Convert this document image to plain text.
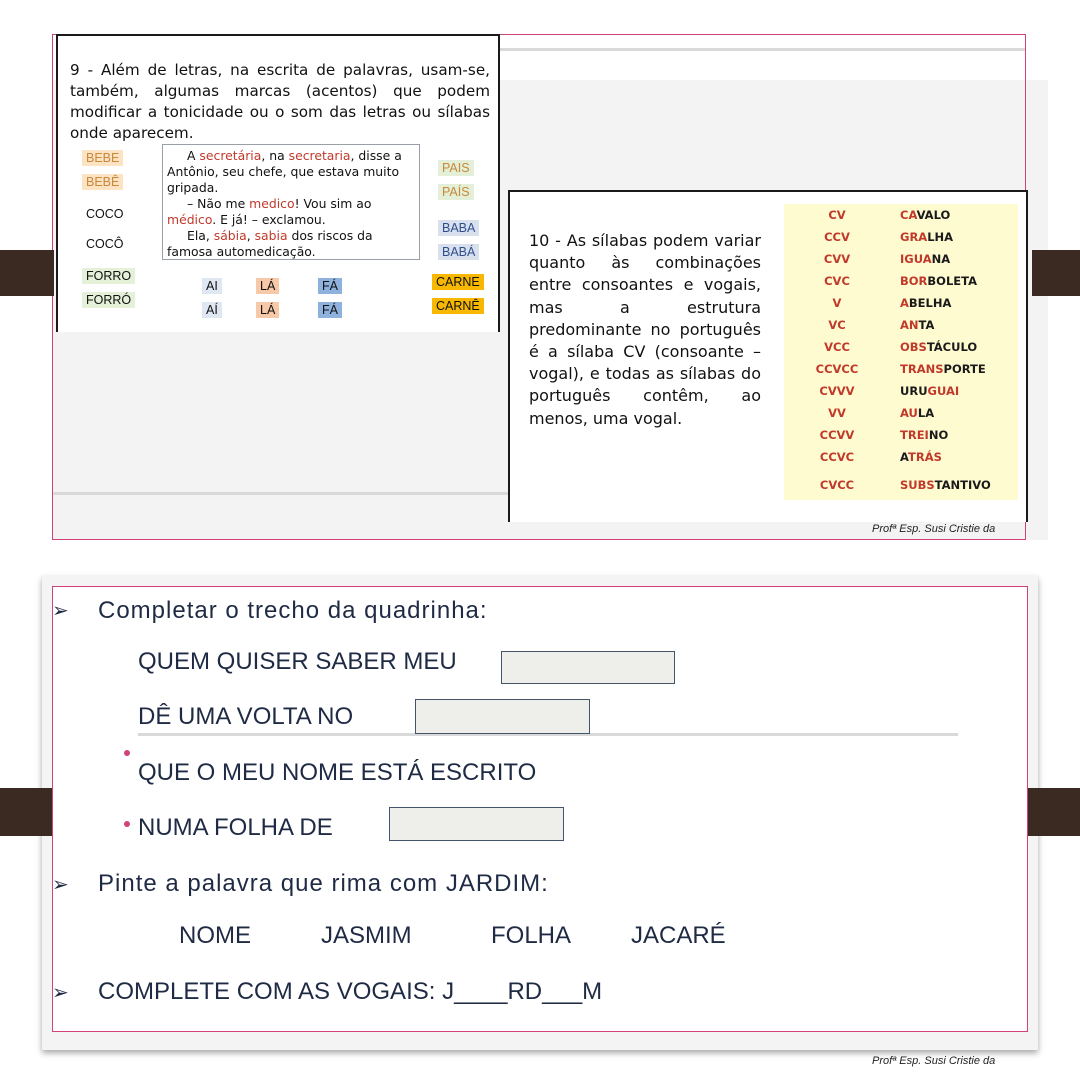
9 - Além de letras, na escrita de palavras, usam-se, também, algumas marcas (acentos) que podem modificar a tonicidade ou o som das letras ou sílabas onde aparecem.
BEBE
BEBÊ
COCO
COCÔ
FORRO
FORRÓ

A secretária, na secretaria, disse a Antônio, seu chefe, que estava muito gripada.

– Não me medico! Vou sim ao médico. E já! – exclamou.

Ela, sábia, sabia dos riscos da famosa automedicação.

PAIS
PAÍS
BABA
BABÁ
CARNE
CARNÊ
AI	LÁ	FÁ
AÍ	LÁ	FÁ
10 - As sílabas podem variar quanto às combinações entre consoantes e vogais, mas a estrutura predominante no português é a sílaba CV (consoante – vogal), e todas as sílabas do português contêm, ao menos, uma vogal.
CV	CAVALO
CCV	GRALHA
CVV	IGUANA
CVC	BORBOLETA
V	ABELHA
VC	ANTA
VCC	OBSTÁCULO
CCVCC	TRANSPORTE
CVVV	URUGUAI
VV	AULA
CCVV	TREINO
CCVC	ATRÁS
CVCC	SUBSTANTIVO
Profª Esp. Susi Cristie da
➢ Completar o trecho da quadrinha:
QUEM QUISER SABER MEU
DÊ UMA VOLTA NO
QUE O MEU NOME ESTÁ ESCRITO
NUMA FOLHA DE
➢ Pinte a palavra que rima com JARDIM:
NOME	JASMIM	FOLHA JACARÉ
➢ COMPLETE COM AS VOGAIS: J____RD___M
Profª Esp. Susi Cristie da
